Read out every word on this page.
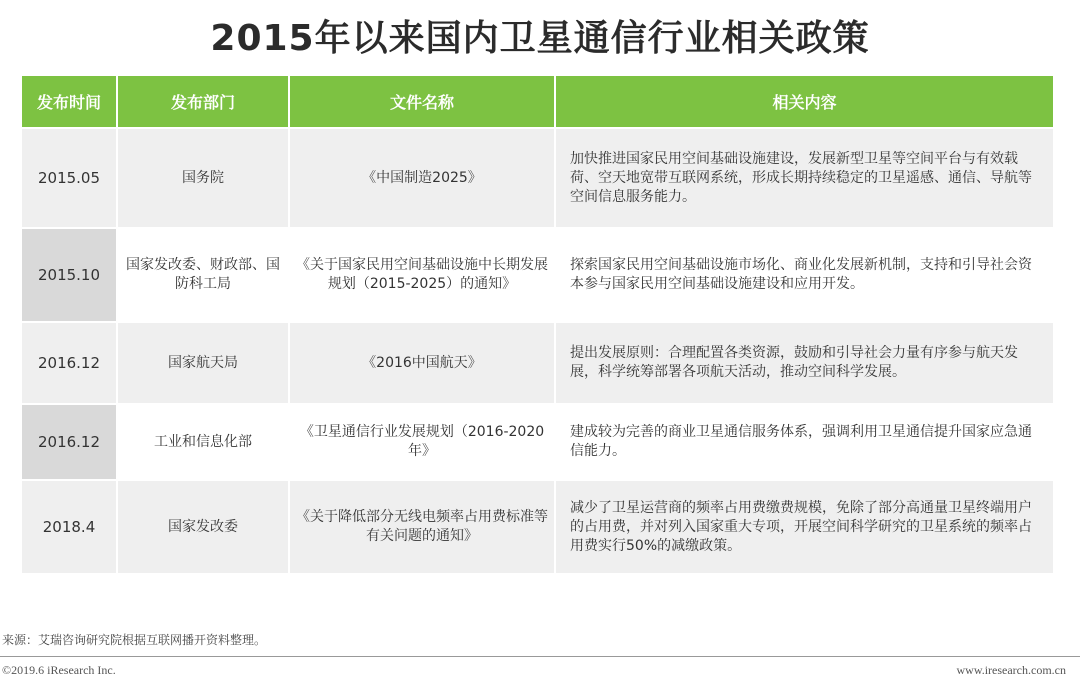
2015年以来国内卫星通信行业相关政策
发布时间	发布部门	文件名称	相关内容
2015.05	国务院	《中国制造2025》	加快推进国家民用空间基础设施建设，发展新型卫星等空间平台与有效载荷、空天地宽带互联网系统，形成长期持续稳定的卫星遥感、通信、导航等空间信息服务能力。
2015.10	国家发改委、财政部、国防科工局	《关于国家民用空间基础设施中长期发展规划（2015-2025）的通知》	探索国家民用空间基础设施市场化、商业化发展新机制，支持和引导社会资本参与国家民用空间基础设施建设和应用开发。
2016.12	国家航天局	《2016中国航天》	提出发展原则：合理配置各类资源，鼓励和引导社会力量有序参与航天发展，科学统筹部署各项航天活动，推动空间科学发展。
2016.12	工业和信息化部	《卫星通信行业发展规划（2016-2020年》	建成较为完善的商业卫星通信服务体系，强调利用卫星通信提升国家应急通信能力。
2018.4	国家发改委	《关于降低部分无线电频率占用费标准等有关问题的通知》	减少了卫星运营商的频率占用费缴费规模，免除了部分高通量卫星终端用户的占用费，并对列入国家重大专项，开展空间科学研究的卫星系统的频率占用费实行50%的减缴政策。
来源：艾瑞咨询研究院根据互联网播开资料整理。
©2019.6 iResearch Inc.	www.iresearch.com.cn
